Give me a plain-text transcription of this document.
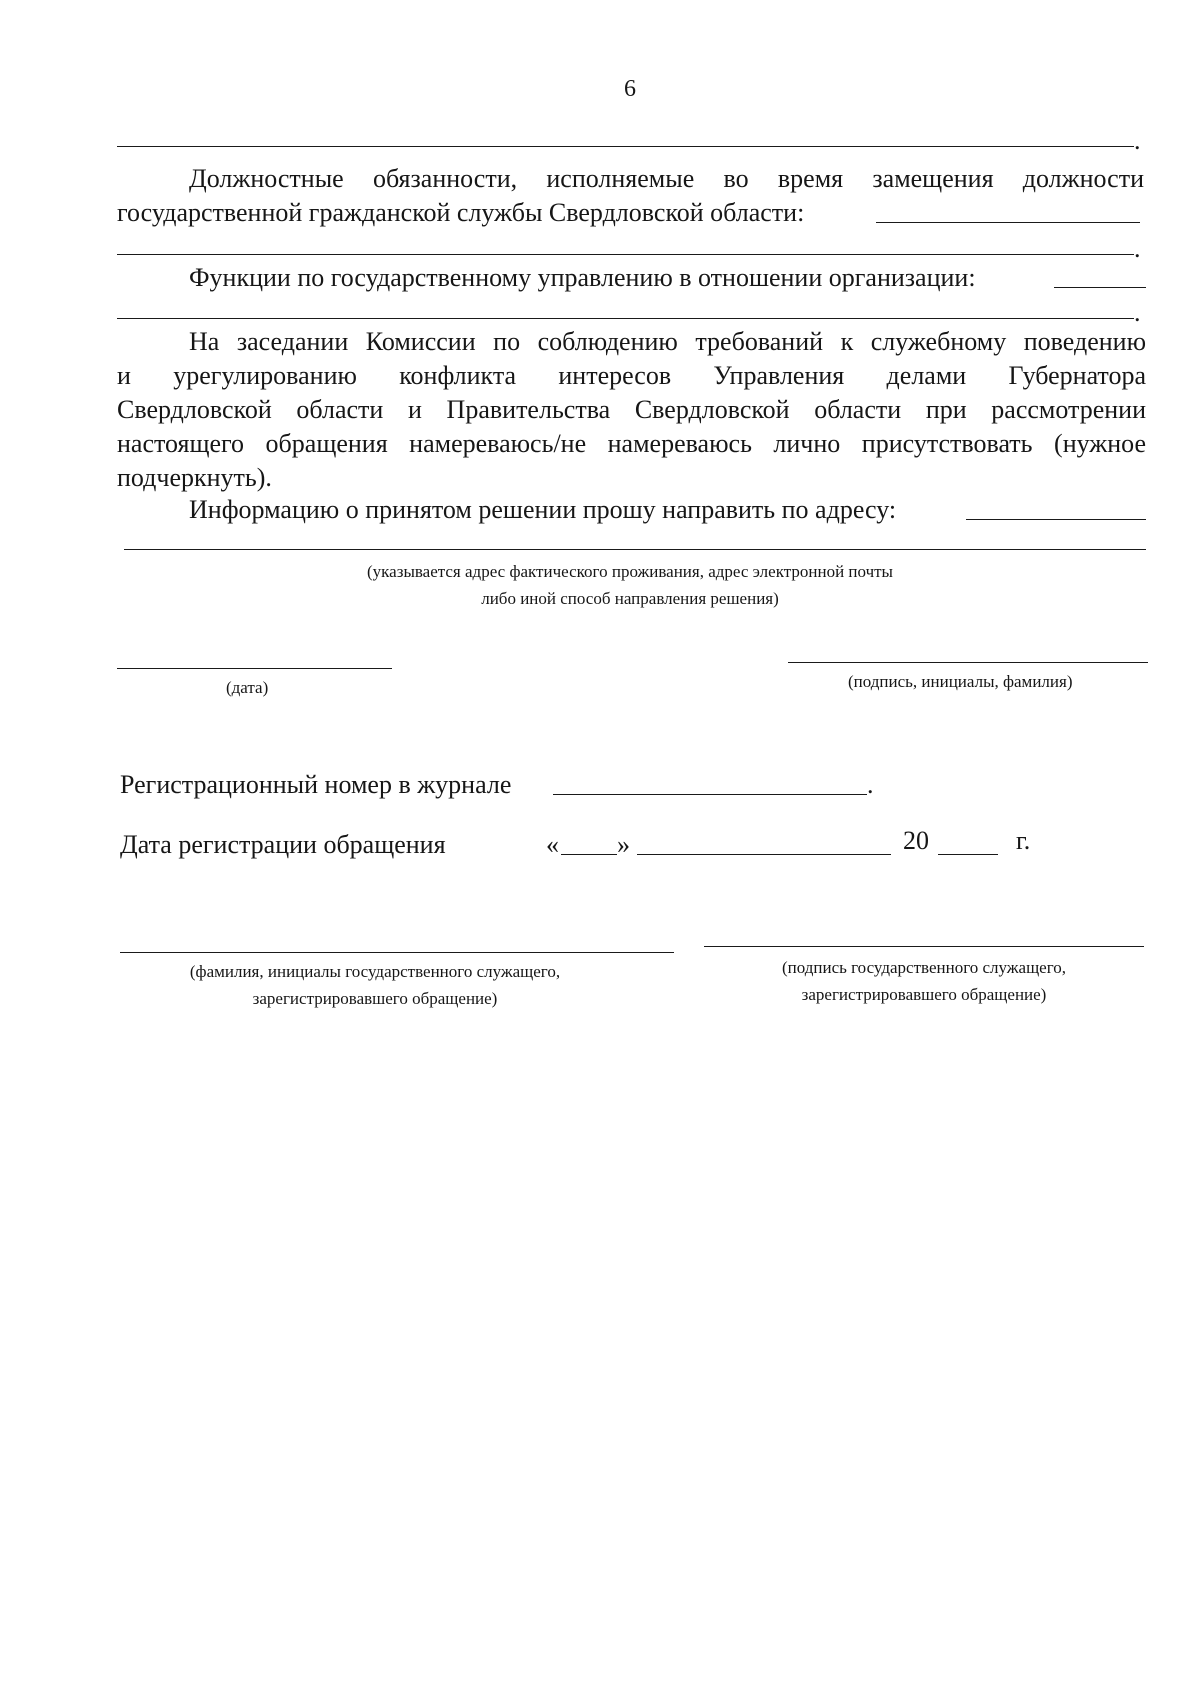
6
.
Должностные обязанности, исполняемые во время замещения должности
государственной гражданской службы Свердловской области:
.
Функции по государственному управлению в отношении организации:
.
На заседании Комиссии по соблюдению требований к служебному поведению
и урегулированию конфликта интересов Управления делами Губернатора
Свердловской области и Правительства Свердловской области при рассмотрении
настоящего обращения намереваюсь/не намереваюсь лично присутствовать (нужное
подчеркнуть).
Информацию о принятом решении прошу направить по адресу:
(указывается адрес фактического проживания, адрес электронной почты
либо иной способ направления решения)
(дата)	(подпись, инициалы, фамилия)
Регистрационный номер в журнале	.
Дата регистрации обращения	« »	20	г.
(фамилия, инициалы государственного служащего,
зарегистрировавшего обращение)
(подпись государственного служащего,
зарегистрировавшего обращение)
